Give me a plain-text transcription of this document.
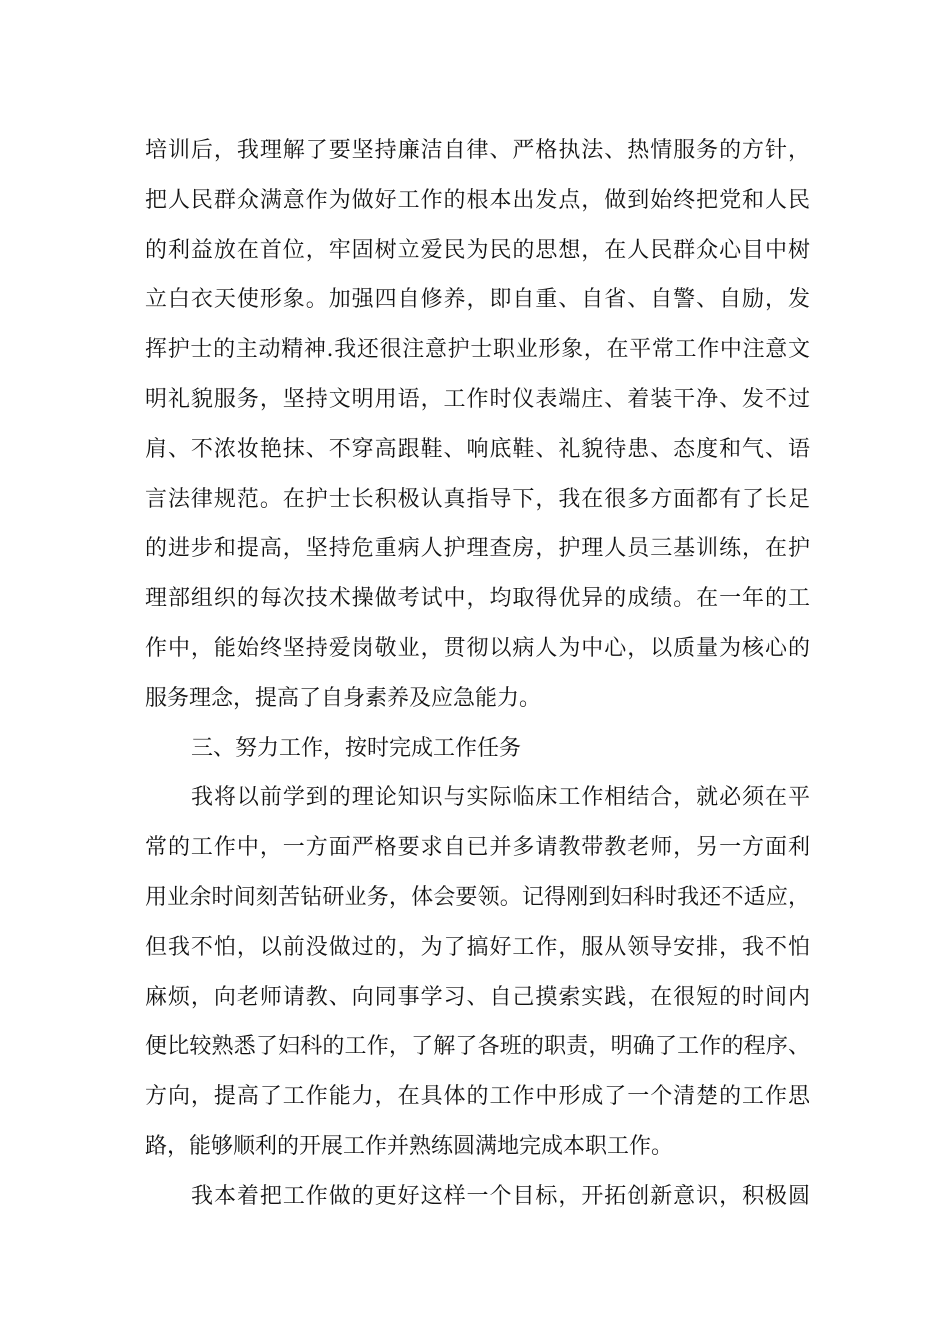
培训后，我理解了要坚持廉洁自律、严格执法、热情服务的方针，
把人民群众满意作为做好工作的根本出发点，做到始终把党和人民
的利益放在首位，牢固树立爱民为民的思想，在人民群众心目中树
立白衣天使形象。加强四自修养，即自重、自省、自警、自励，发
挥护士的主动精神.我还很注意护士职业形象，在平常工作中注意文
明礼貌服务，坚持文明用语，工作时仪表端庄、着装干净、发不过
肩、不浓妆艳抹、不穿高跟鞋、响底鞋、礼貌待患、态度和气、语
言法律规范。在护士长积极认真指导下，我在很多方面都有了长足
的进步和提高，坚持危重病人护理查房，护理人员三基训练，在护
理部组织的每次技术操做考试中，均取得优异的成绩。在一年的工
作中，能始终坚持爱岗敬业，贯彻以病人为中心，以质量为核心的
服务理念，提高了自身素养及应急能力。
三、努力工作，按时完成工作任务
我将以前学到的理论知识与实际临床工作相结合，就必须在平
常的工作中，一方面严格要求自已并多请教带教老师，另一方面利
用业余时间刻苦钻研业务，体会要领。记得刚到妇科时我还不适应，
但我不怕，以前没做过的，为了搞好工作，服从领导安排，我不怕
麻烦，向老师请教、向同事学习、自己摸索实践，在很短的时间内
便比较熟悉了妇科的工作，了解了各班的职责，明确了工作的程序、
方向，提高了工作能力，在具体的工作中形成了一个清楚的工作思
路，能够顺利的开展工作并熟练圆满地完成本职工作。
我本着把工作做的更好这样一个目标，开拓创新意识，积极圆
